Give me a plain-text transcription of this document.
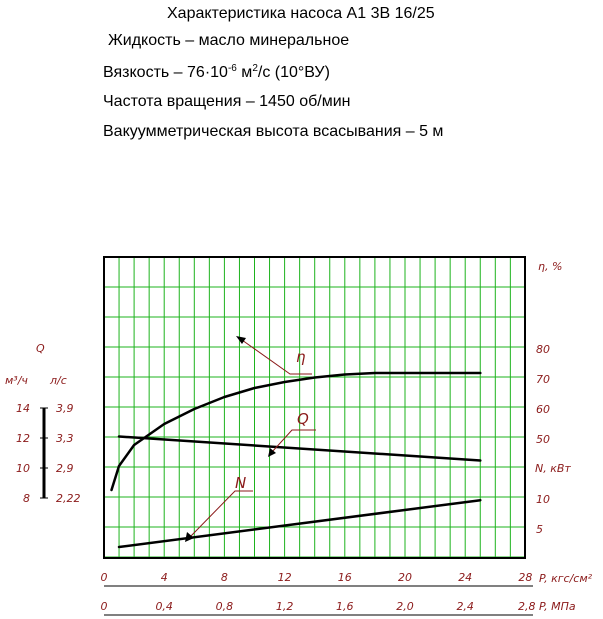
Характеристика насоса А1 3В 16/25
Жидкость – масло минеральное
Вязкость – $76\cdot 10^{-6}$ $м^2/с$ (10°ВУ)
Частота вращения – 1450 об/мин
Вакуумметрическая высота всасывания – 5 м
0	4	8	12	16	20	24	28
0	0,4	0,8	1,2	1,6	2,0	2,4
80
70
60
50
10
5
14
12
10
8
3,9
3,3
2,9
2,22
η, %
N, кВт
Q
м³/ч л/с
P, кгс/см²
2,8 P, МПа
η
Q
N
